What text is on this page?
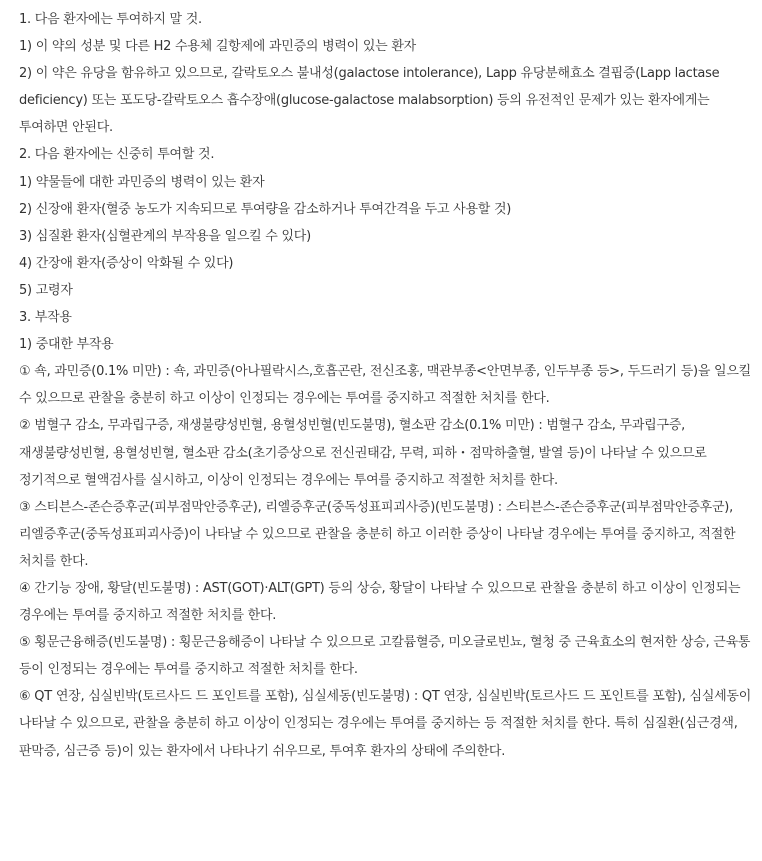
1. 다음 환자에는 투여하지 말 것.

1) 이 약의 성분 및 다른 H2 수용체 길항제에 과민증의 병력이 있는 환자

2) 이 약은 유당을 함유하고 있으므로, 갈락토오스 불내성(galactose intolerance), Lapp 유당분해효소 결핍증(Lapp lactase deficiency) 또는 포도당-갈락토오스 흡수장애(glucose-galactose malabsorption) 등의 유전적인 문제가 있는 환자에게는 투여하면 안된다.

2. 다음 환자에는 신중히 투여할 것.

1) 약물들에 대한 과민증의 병력이 있는 환자

2) 신장애 환자(혈중 농도가 지속되므로 투여량을 감소하거나 투여간격을 두고 사용할 것)

3) 심질환 환자(심혈관계의 부작용을 일으킬 수 있다)

4) 간장애 환자(증상이 악화될 수 있다)

5) 고령자

3. 부작용

1) 중대한 부작용

① 쇽, 과민증(0.1% 미만) : 쇽, 과민증(아나필락시스,호흡곤란, 전신조홍, 맥관부종<안면부종, 인두부종 등>, 두드러기 등)을 일으킬 수 있으므로 관찰을 충분히 하고 이상이 인정되는 경우에는 투여를 중지하고 적절한 처치를 한다.

② 범혈구 감소, 무과립구증, 재생불량성빈혈, 용혈성빈혈(빈도불명), 혈소판 감소(0.1% 미만) : 범혈구 감소, 무과립구증, 재생불량성빈혈, 용혈성빈혈, 혈소판 감소(초기증상으로 전신권태감, 무력, 피하・점막하출혈, 발열 등)이 나타날 수 있으므로 정기적으로 혈액검사를 실시하고, 이상이 인정되는 경우에는 투여를 중지하고 적절한 처치를 한다.

③ 스티븐스-존슨증후군(피부점막안증후군), 리엘증후군(중독성표피괴사증)(빈도불명) : 스티븐스-존슨증후군(피부점막안증후군), 리엘증후군(중독성표피괴사증)이 나타날 수 있으므로 관찰을 충분히 하고 이러한 증상이 나타날 경우에는 투여를 중지하고, 적절한 처치를 한다.

④ 간기능 장애, 황달(빈도불명) : AST(GOT)·ALT(GPT) 등의 상승, 황달이 나타날 수 있으므로 관찰을 충분히 하고 이상이 인정되는 경우에는 투여를 중지하고 적절한 처치를 한다.

⑤ 횡문근융해증(빈도불명) : 횡문근융해증이 나타날 수 있으므로 고칼륨혈증, 미오글로빈뇨, 혈청 중 근육효소의 현저한 상승, 근육통 등이 인정되는 경우에는 투여를 중지하고 적절한 처치를 한다.

⑥ QT 연장, 심실빈박(토르사드 드 포인트를 포함), 심실세동(빈도불명) : QT 연장, 심실빈박(토르사드 드 포인트를 포함), 심실세동이 나타날 수 있으므로, 관찰을 충분히 하고 이상이 인정되는 경우에는 투여를 중지하는 등 적절한 처치를 한다. 특히 심질환(심근경색, 판막증, 심근증 등)이 있는 환자에서 나타나기 쉬우므로, 투여후 환자의 상태에 주의한다.
